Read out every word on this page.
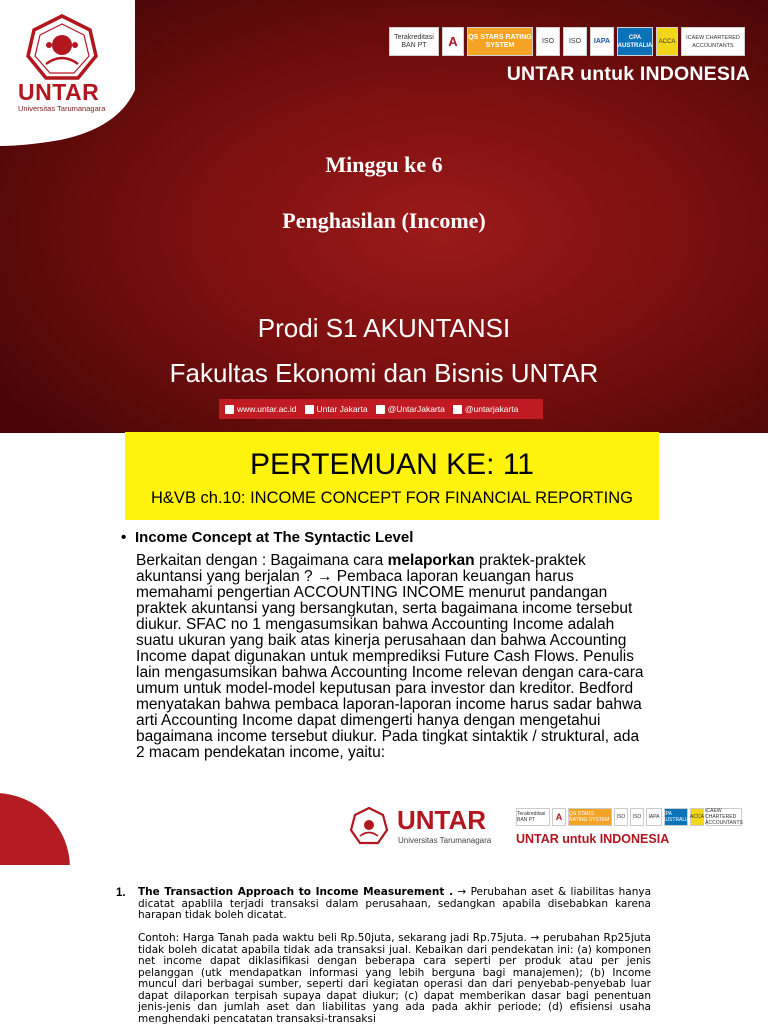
UNTAR
Universitas Tarumanagara
Terakreditasi BAN PT	A	QS STARS RATING SYSTEM
ISO	ISO	IAPA	CPA AUSTRALIA
ACCA
ICAEW CHARTERED ACCOUNTANTS
UNTAR untuk INDONESIA
Minggu ke 6
Penghasilan (Income)
Prodi S1 AKUNTANSI
Fakultas Ekonomi dan Bisnis UNTAR
www.untar.ac.id Untar Jakarta @UntarJakarta @untarjakarta
PERTEMUAN KE: 11
H&VB ch.10: INCOME CONCEPT FOR FINANCIAL REPORTING
• Income Concept at The Syntactic Level
Berkaitan dengan : Bagaimana cara melaporkan praktek-praktek akuntansi yang berjalan ? → Pembaca laporan keuangan harus memahami pengertian ACCOUNTING INCOME menurut pandangan praktek akuntansi yang bersangkutan, serta bagaimana income tersebut diukur. SFAC no 1 mengasumsikan bahwa Accounting Income adalah suatu ukuran yang baik atas kinerja perusahaan dan bahwa Accounting Income dapat digunakan untuk memprediksi Future Cash Flows. Penulis lain mengasumsikan bahwa Accounting Income relevan dengan cara-cara umum untuk model-model keputusan para investor dan kreditor. Bedford menyatakan bahwa pembaca laporan-laporan income harus sadar bahwa arti Accounting Income dapat dimengerti hanya dengan mengetahui bagaimana income tersebut diukur. Pada tingkat sintaktik / struktural, ada 2 macam pendekatan income, yaitu:
UNTAR
Universitas Tarumanagara
Terakreditasi BAN PT	A	QS STARS RATING SYSTEM	ISO	ISO	IAPA CPA AUSTRALIA ACCA
ICAEW CHARTERED ACCOUNTANTS
UNTAR untuk INDONESIA
1. The Transaction Approach to Income Measurement . → Perubahan aset & liabilitas hanya dicatat apablila terjadi transaksi dalam perusahaan, sedangkan apabila disebabkan karena harapan tidak boleh dicatat.
Contoh: Harga Tanah pada waktu beli Rp.50juta, sekarang jadi Rp.75juta. → perubahan Rp25juta tidak boleh dicatat apabila tidak ada transaksi jual. Kebaikan dari pendekatan ini: (a) komponen net income dapat diklasifikasi dengan beberapa cara seperti per produk atau per jenis pelanggan (utk mendapatkan informasi yang lebih berguna bagi manajemen); (b) Income muncul dari berbagai sumber, seperti dari kegiatan operasi dan dari penyebab-penyebab luar dapat dilaporkan terpisah supaya dapat diukur; (c) dapat memberikan dasar bagi penentuan jenis-jenis dan jumlah aset dan liabilitas yang ada pada akhir periode; (d) efisiensi usaha menghendaki pencatatan transaksi-transaksi
